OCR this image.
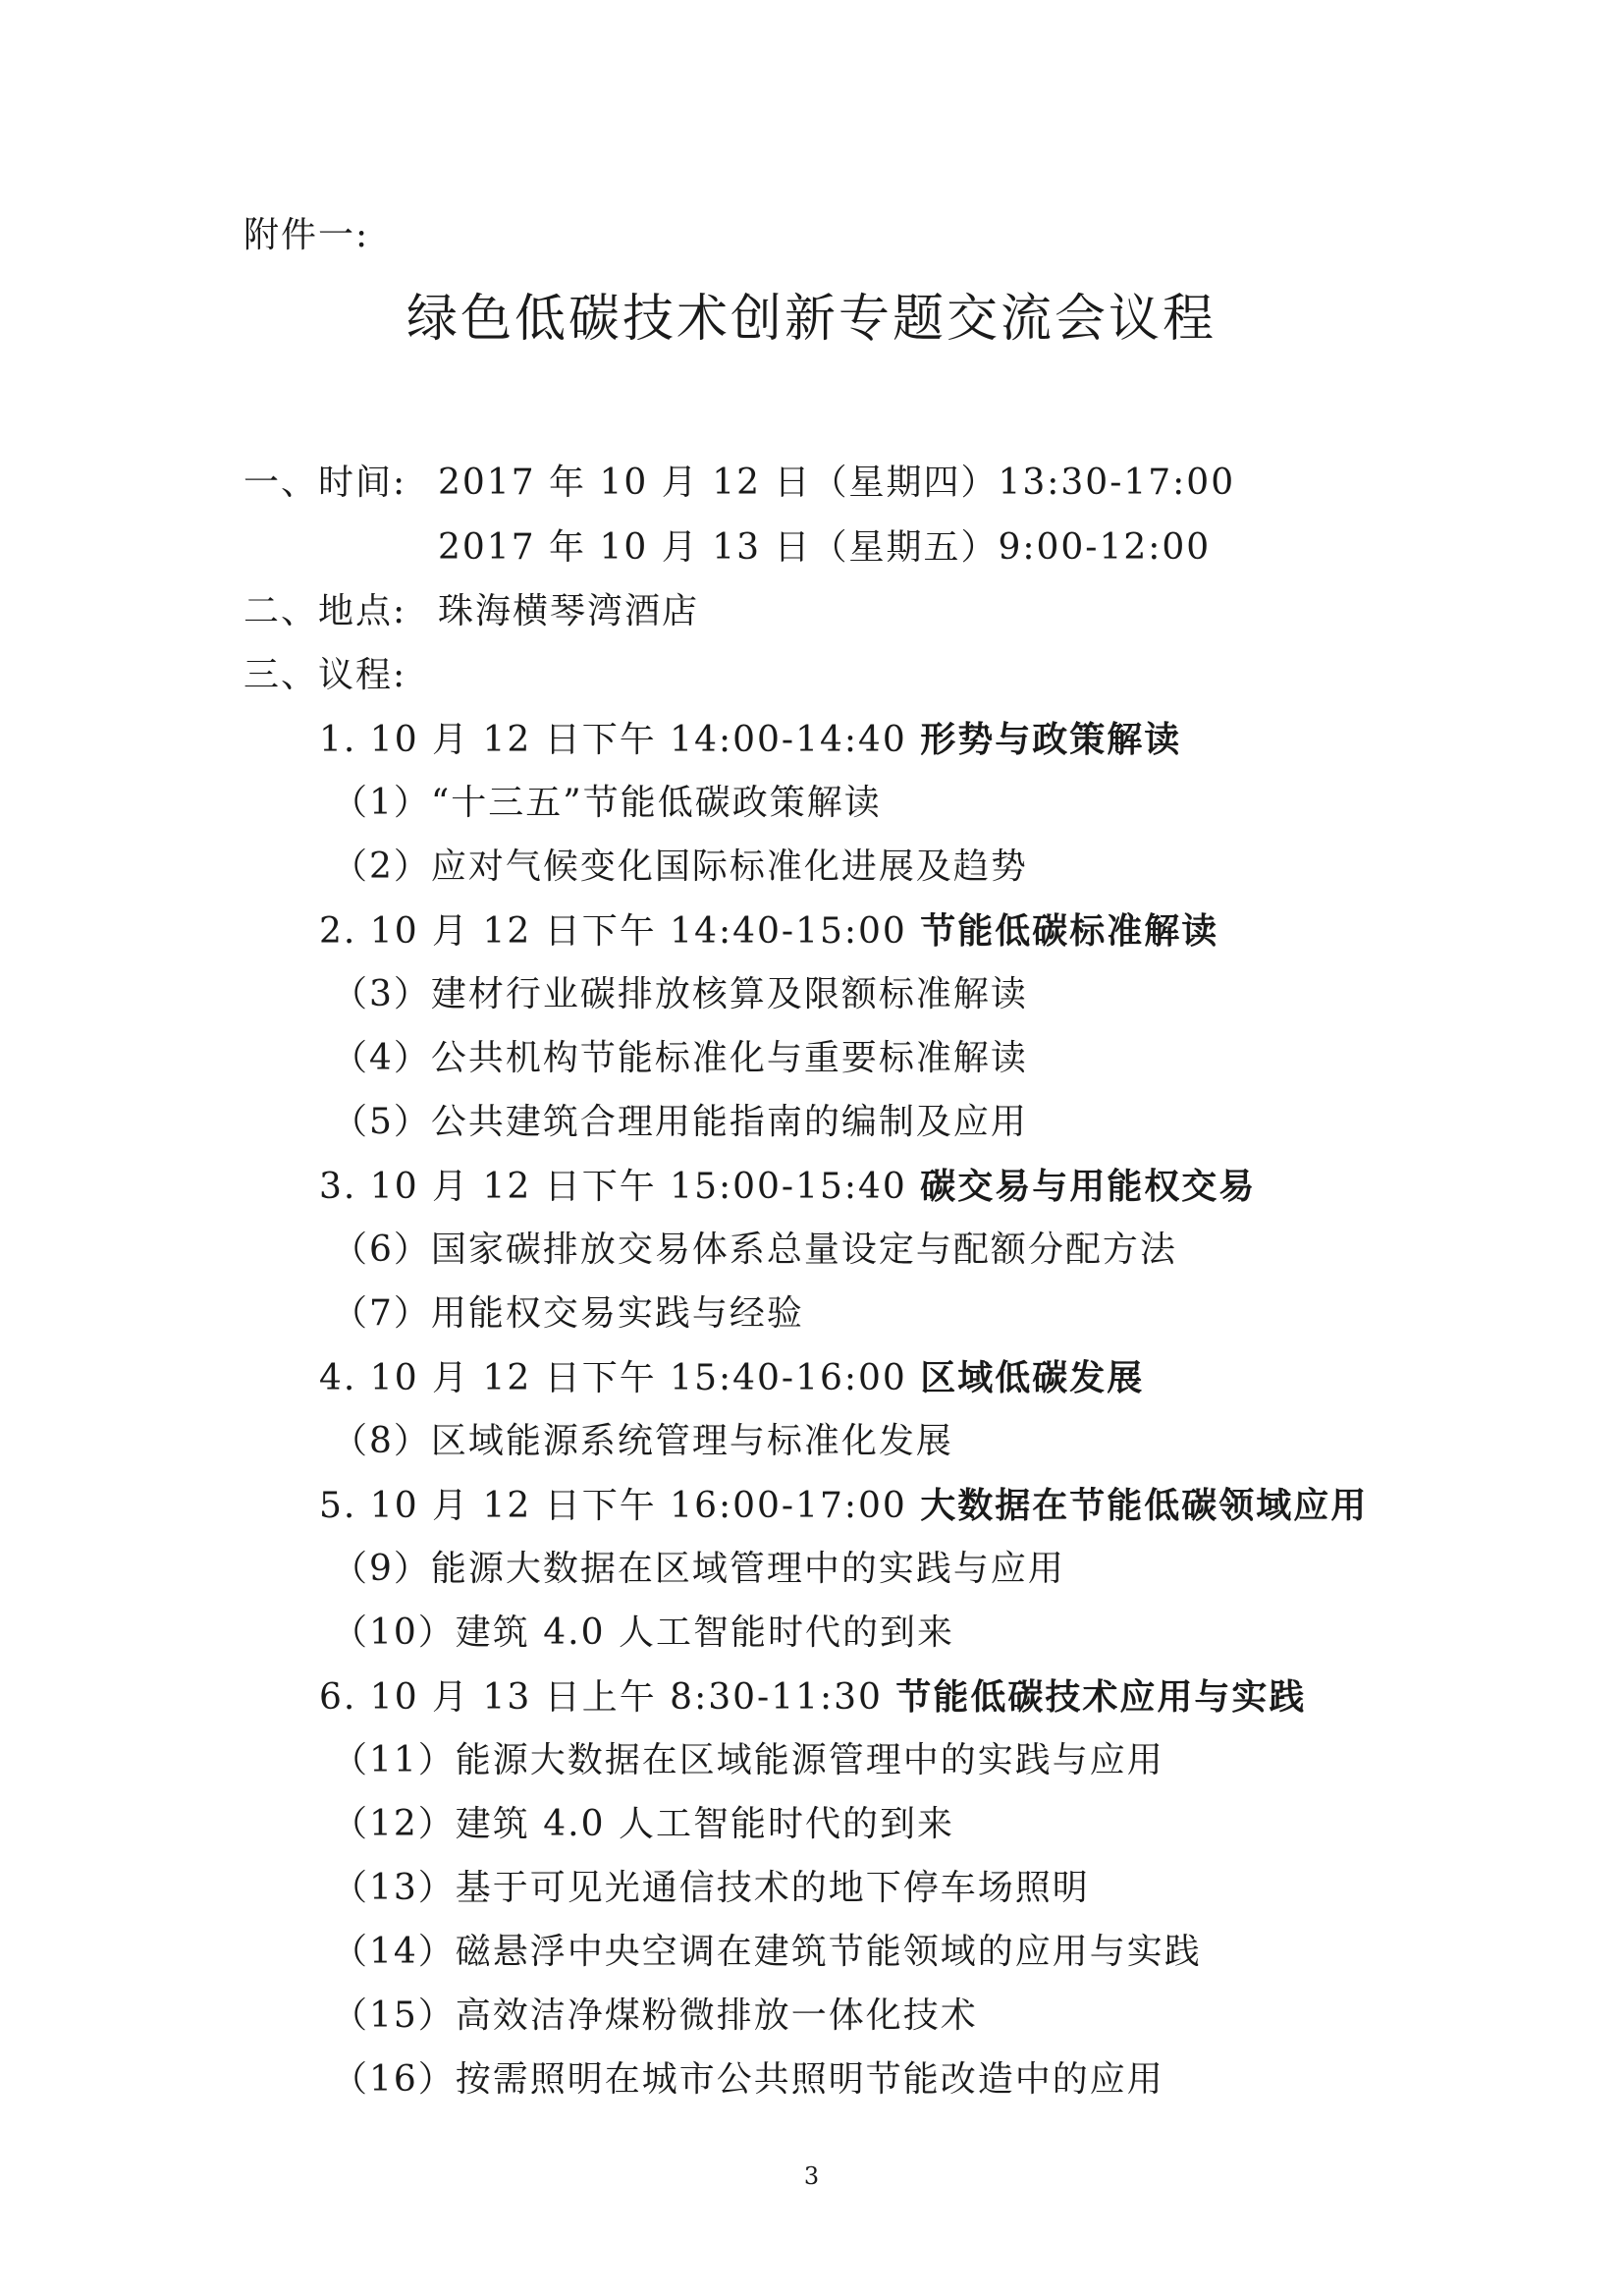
附件一:
绿色低碳技术创新专题交流会议程
一、时间: 2017 年 10 月 12 日（星期四）13:30-17:00
2017 年 10 月 13 日（星期五）9:00-12:00
二、地点: 珠海横琴湾酒店
三、议程:
1. 10 月 12 日下午 14:00-14:40 形势与政策解读
（1）“十三五”节能低碳政策解读
（2）应对气候变化国际标准化进展及趋势
2. 10 月 12 日下午 14:40-15:00 节能低碳标准解读
（3）建材行业碳排放核算及限额标准解读
（4）公共机构节能标准化与重要标准解读
（5）公共建筑合理用能指南的编制及应用
3. 10 月 12 日下午 15:00-15:40 碳交易与用能权交易
（6）国家碳排放交易体系总量设定与配额分配方法
（7）用能权交易实践与经验
4. 10 月 12 日下午 15:40-16:00 区域低碳发展
（8）区域能源系统管理与标准化发展
5. 10 月 12 日下午 16:00-17:00 大数据在节能低碳领域应用
（9）能源大数据在区域管理中的实践与应用
（10）建筑 4.0 人工智能时代的到来
6. 10 月 13 日上午 8:30-11:30 节能低碳技术应用与实践
（11）能源大数据在区域能源管理中的实践与应用
（12）建筑 4.0 人工智能时代的到来
（13）基于可见光通信技术的地下停车场照明
（14）磁悬浮中央空调在建筑节能领域的应用与实践
（15）高效洁净煤粉微排放一体化技术
（16）按需照明在城市公共照明节能改造中的应用
3
